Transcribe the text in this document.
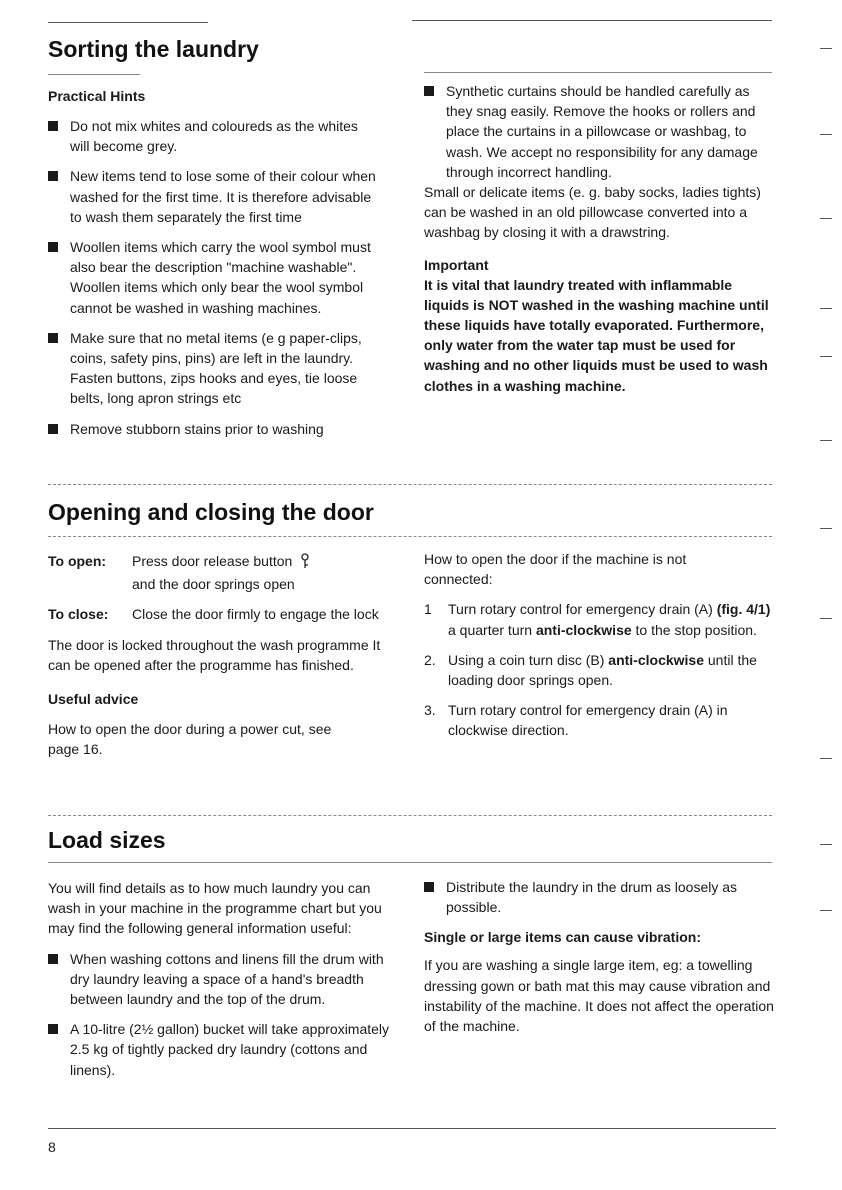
Sorting the laundry

Practical Hints

Do not mix whites and coloureds as the whites will become grey.

New items tend to lose some of their colour when washed for the first time. It is therefore advisable to wash them separately the first time

Woollen items which carry the wool symbol must also bear the description "machine washable". Woollen items which only bear the wool symbol cannot be washed in washing machines.

Make sure that no metal items (e g paper-clips, coins, safety pins, pins) are left in the laundry. Fasten buttons, zips hooks and eyes, tie loose belts, long apron strings etc

Remove stubborn stains prior to washing

Synthetic curtains should be handled carefully as they snag easily. Remove the hooks or rollers and place the curtains in a pillowcase or washbag, to wash. We accept no responsibility for any damage through incorrect handling.

Small or delicate items (e. g. baby socks, ladies tights) can be washed in an old pillowcase converted into a washbag by closing it with a drawstring.

Important

It is vital that laundry treated with inflammable liquids is NOT washed in the washing machine until these liquids have totally evaporated. Furthermore, only water from the water tap must be used for washing and no other liquids must be used to wash clothes in a washing machine.

Opening and closing the door
To open: Press door release button
and the door springs open
To close: Close the door firmly to engage the lock

The door is locked throughout the wash programme It can be opened after the programme has finished.

Useful advice

How to open the door during a power cut, see page 16.

How to open the door if the machine is not connected:

1 Turn rotary control for emergency drain (A) (fig. 4/1) a quarter turn anti-clockwise to the stop position.

2. Using a coin turn disc (B) anti-clockwise until the loading door springs open.

3. Turn rotary control for emergency drain (A) in clockwise direction.

Load sizes

You will find details as to how much laundry you can wash in your machine in the programme chart but you may find the following general information useful:

When washing cottons and linens fill the drum with dry laundry leaving a space of a hand's breadth between laundry and the top of the drum.

A 10-litre (2½ gallon) bucket will take approximately 2.5 kg of tightly packed dry laundry (cottons and linens).

Distribute the laundry in the drum as loosely as possible.

Single or large items can cause vibration:

If you are washing a single large item, eg: a towelling dressing gown or bath mat this may cause vibration and instability of the machine. It does not affect the operation of the machine.

8
